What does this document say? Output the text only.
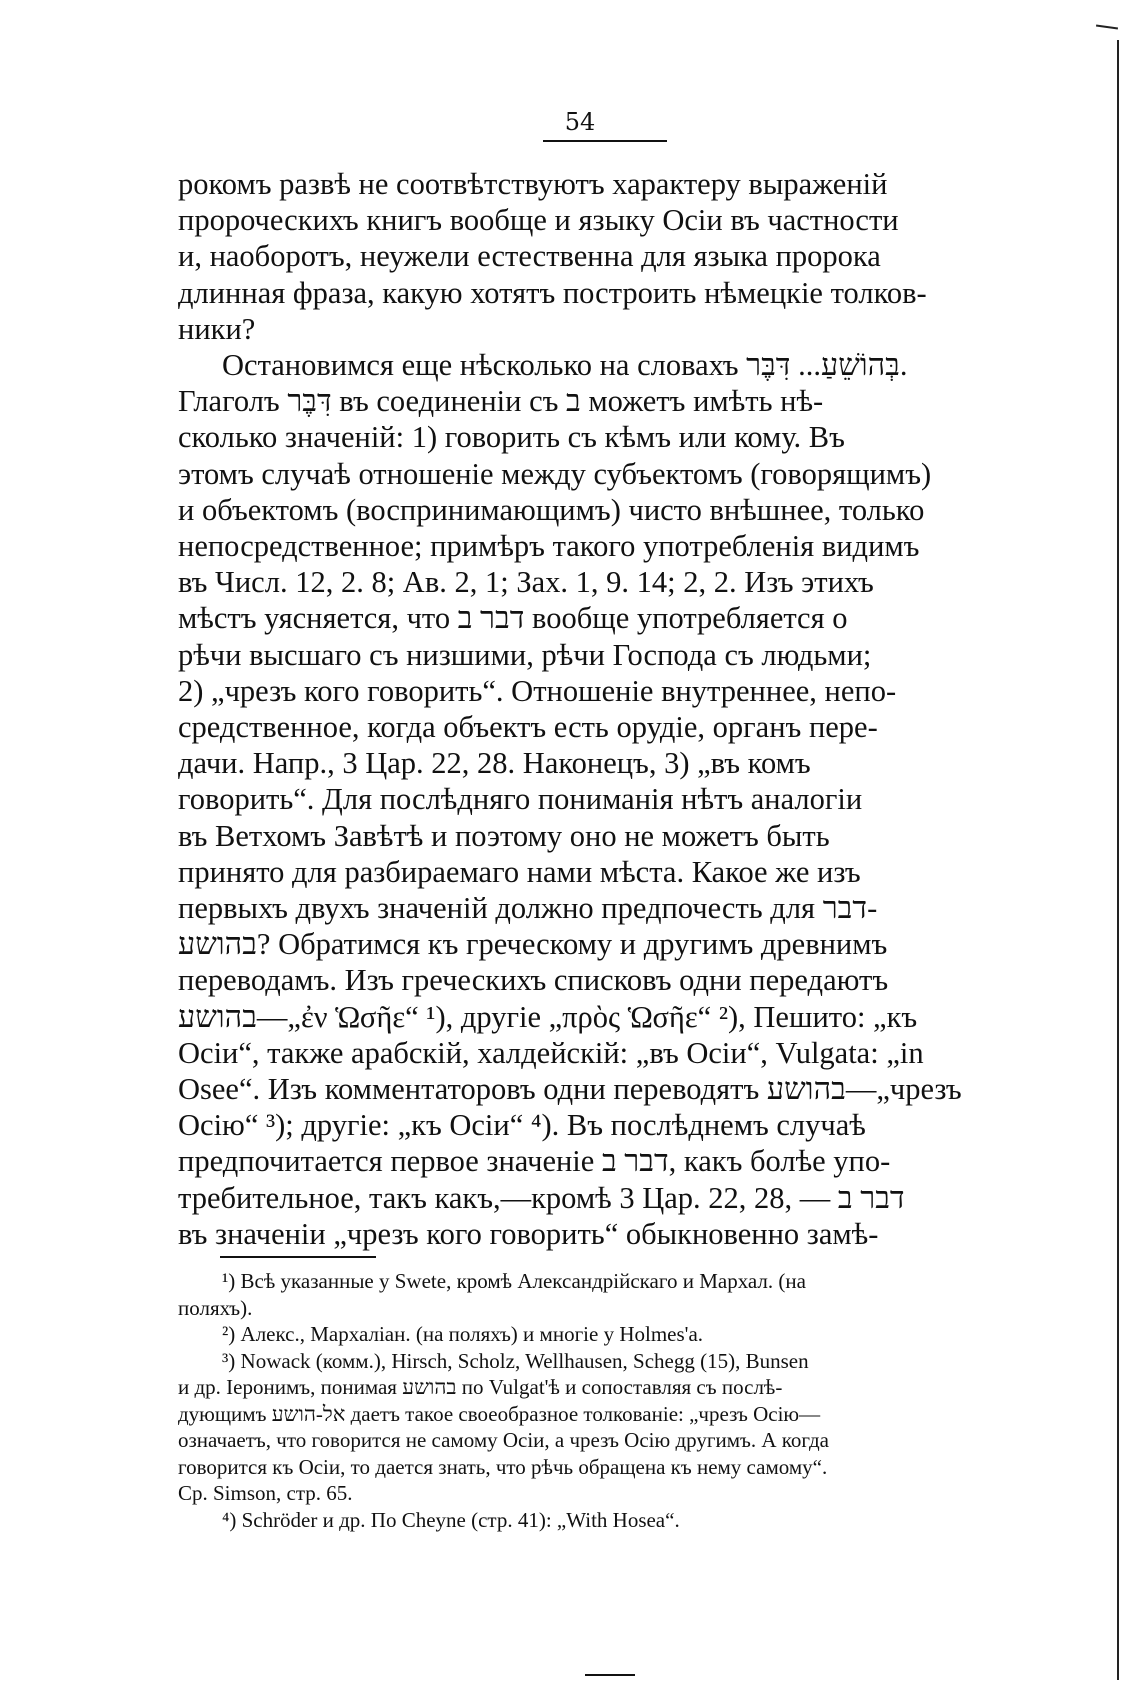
54

рокомъ развѣ не соотвѣтствуютъ характеру выраженій

пророческихъ книгъ вообще и языку Осіи въ частности

и, наоборотъ, неужели естественна для языка пророка

длинная фраза, какую хотятъ построить нѣмецкіе толков-

ники?

Остановимся еще нѣсколько на словахъ בְּהוֹשֵׁעַ... דִּבֶּר.

Глаголъ דִּבֶּר въ соединеніи съ ב можетъ имѣть нѣ-

сколько значеній: 1) говорить съ кѣмъ или кому. Въ

этомъ случаѣ отношеніе между субъектомъ (говорящимъ)

и объектомъ (воспринимающимъ) чисто внѣшнее, только

непосредственное; примѣръ такого употребленія видимъ

въ Числ. 12, 2. 8; Ав. 2, 1; Зах. 1, 9. 14; 2, 2. Изъ этихъ

мѣстъ уясняется, что דבר ב вообще употребляется о

рѣчи высшаго съ низшими, рѣчи Господа съ людьми;

2) „чрезъ кого говорить“. Отношеніе внутреннее, непо-

средственное, когда объектъ есть орудіе, органъ пере-

дачи. Напр., 3 Цар. 22, 28. Наконецъ, 3) „въ комъ

говорить“. Для послѣдняго пониманія нѣтъ аналогіи

въ Ветхомъ Завѣтѣ и поэтому оно не можетъ быть

принято для разбираемаго нами мѣста. Какое же изъ

первыхъ двухъ значеній должно предпочесть для דבר-

בהושע? Обратимся къ греческому и другимъ древнимъ

переводамъ. Изъ греческихъ списковъ одни передаютъ

בהושע—„ἐν Ὡσῆε“ ¹), другіе „πρὸς Ὡσῆε“ ²), Пешито: „къ

Осіи“, также арабскій, халдейскій: „въ Осіи“, Vulgata: „in

Osee“. Изъ комментаторовъ одни переводятъ בהושע—„чрезъ

Осію“ ³); другіе: „къ Осіи“ ⁴). Въ послѣднемъ случаѣ

предпочитается первое значеніе דבר ב, какъ болѣе упо-

требительное, такъ какъ,—кромѣ 3 Цар. 22, 28, — דבר ב

въ значеніи „чрезъ кого говорить“ обыкновенно замѣ-

¹) Всѣ указанные у Swete, кромѣ Александрійскаго и Мархал. (на

поляхъ).

²) Алекс., Мархаліан. (на поляхъ) и многіе у Holmes'a.

³) Nowack (комм.), Hirsch, Scholz, Wellhausen, Schegg (15), Bunsen

и др. Іеронимъ, понимая בהושע по Vulgat'ѣ и сопоставляя съ послѣ-

дующимъ אל-הושע даетъ такое своеобразное толкованіе: „чрезъ Осію—

означаетъ, что говорится не самому Осіи, а чрезъ Осію другимъ. А когда

говорится къ Осіи, то дается знать, что рѣчь обращена къ нему самому“.

Ср. Simson, стр. 65.

⁴) Schröder и др. По Cheyne (стр. 41): „With Hosea“.
